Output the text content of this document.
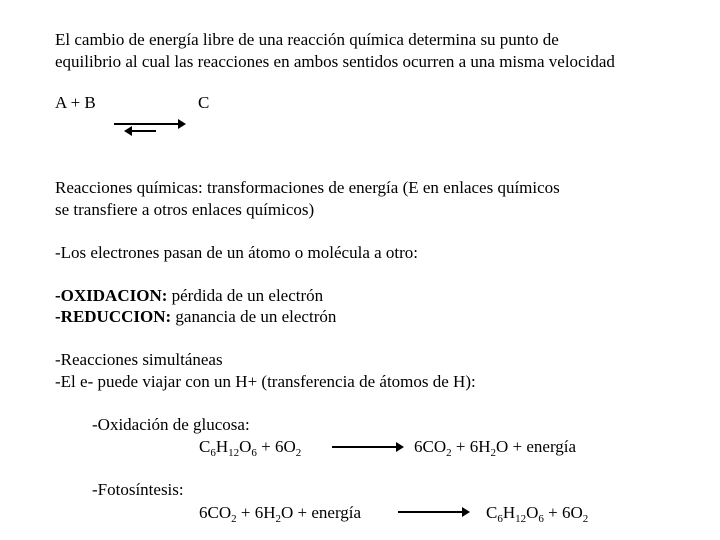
El cambio de energía libre de una reacción química determina su punto de
equilibrio al cual las reacciones en ambos sentidos ocurren a una misma velocidad
A + B	C
Reacciones químicas: transformaciones de energía (E en enlaces químicos
se transfiere a otros enlaces químicos)
-Los electrones pasan de un átomo o molécula a otro:
-OXIDACION: pérdida de un electrón
-REDUCCION: ganancia de un electrón
-Reacciones simultáneas
-El e- puede viajar con un H+ (transferencia de átomos de H):
-Oxidación de glucosa:
$C_6H_{12}O_6 + 6O_2$	$6CO_2 + 6H_2O$ + energía
-Fotosíntesis:
$6CO_2 + 6H_2O$ + energía	$C_6H_{12}O_6 + 6O_2$
